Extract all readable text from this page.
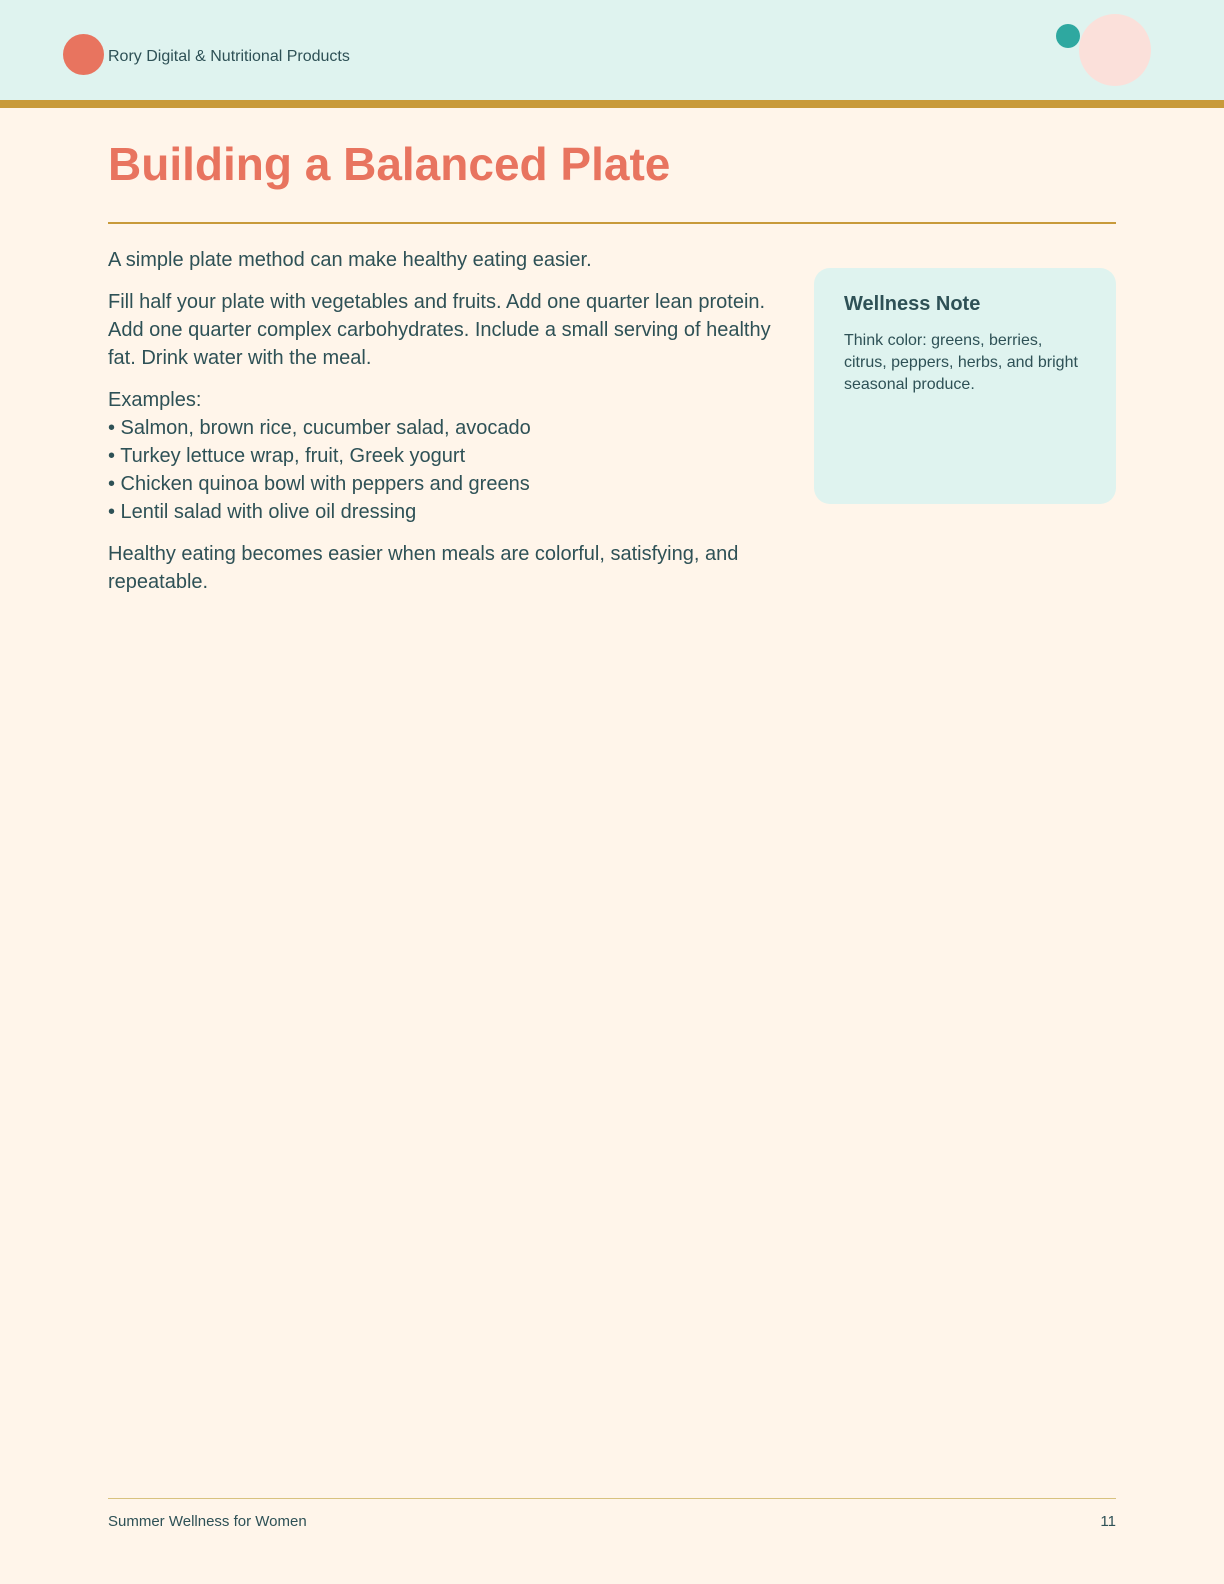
Rory Digital & Nutritional Products
Building a Balanced Plate

A simple plate method can make healthy eating easier.

Fill half your plate with vegetables and fruits. Add one quarter lean protein. Add one quarter complex carbohydrates. Include a small serving of healthy fat. Drink water with the meal.

Examples:
• Salmon, brown rice, cucumber salad, avocado
• Turkey lettuce wrap, fruit, Greek yogurt
• Chicken quinoa bowl with peppers and greens
• Lentil salad with olive oil dressing

Healthy eating becomes easier when meals are colorful, satisfying, and repeatable.

Wellness Note

Think color: greens, berries, citrus, peppers, herbs, and bright seasonal produce.

Summer Wellness for Women	11
